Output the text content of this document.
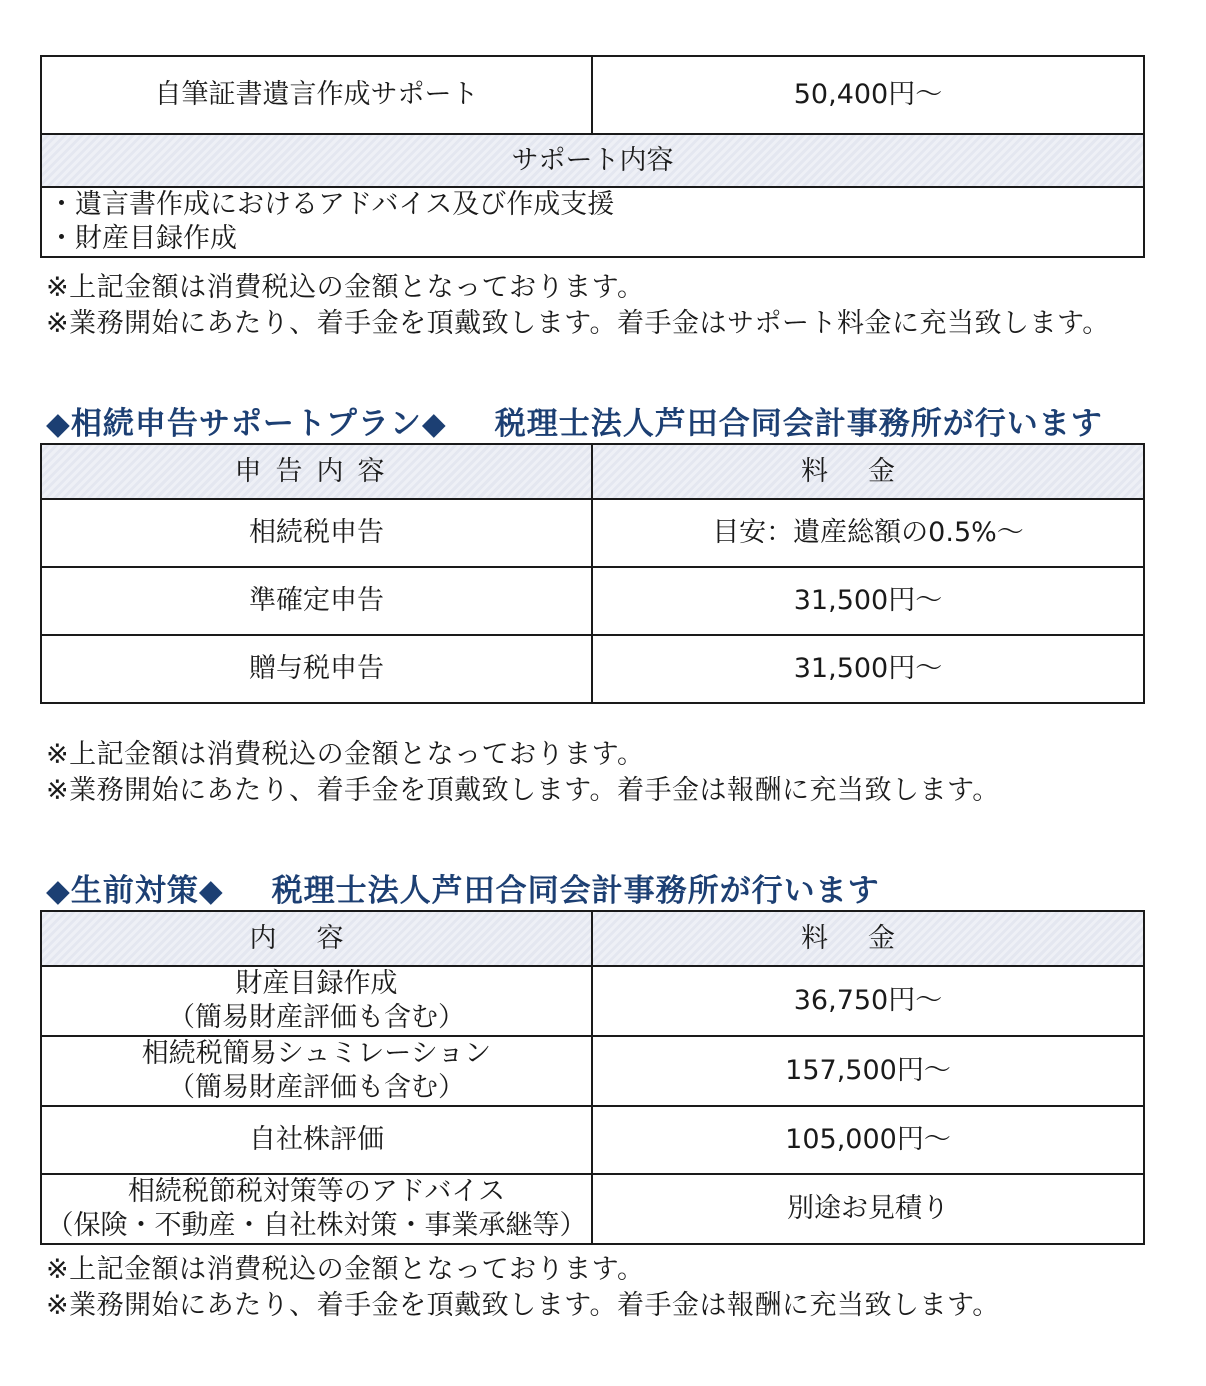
自筆証書遺言作成サポート	50,400円～
サポート内容

・遺言書作成におけるアドバイス及び作成支援
・財産目録作成
※上記金額は消費税込の金額となっております。
※業務開始にあたり、着手金を頂戴致します。着手金はサポート料金に充当致します。
◆相続申告サポートプラン◆ 税理士法人芦田合同会計事務所が行います
申告内容	料金
相続税申告	目安：遺産総額の0.5%～
準確定申告	31,500円～
贈与税申告	31,500円～
※上記金額は消費税込の金額となっております。
※業務開始にあたり、着手金を頂戴致します。着手金は報酬に充当致します。
◆生前対策◆ 税理士法人芦田合同会計事務所が行います
内容	料金

財産目録作成
（簡易財産評価も含む）	36,750円～

相続税簡易シュミレーション
（簡易財産評価も含む）	157,500円～
自社株評価	105,000円～

相続税節税対策等のアドバイス
（保険・不動産・自社株対策・事業承継等）	別途お見積り
※上記金額は消費税込の金額となっております。
※業務開始にあたり、着手金を頂戴致します。着手金は報酬に充当致します。
